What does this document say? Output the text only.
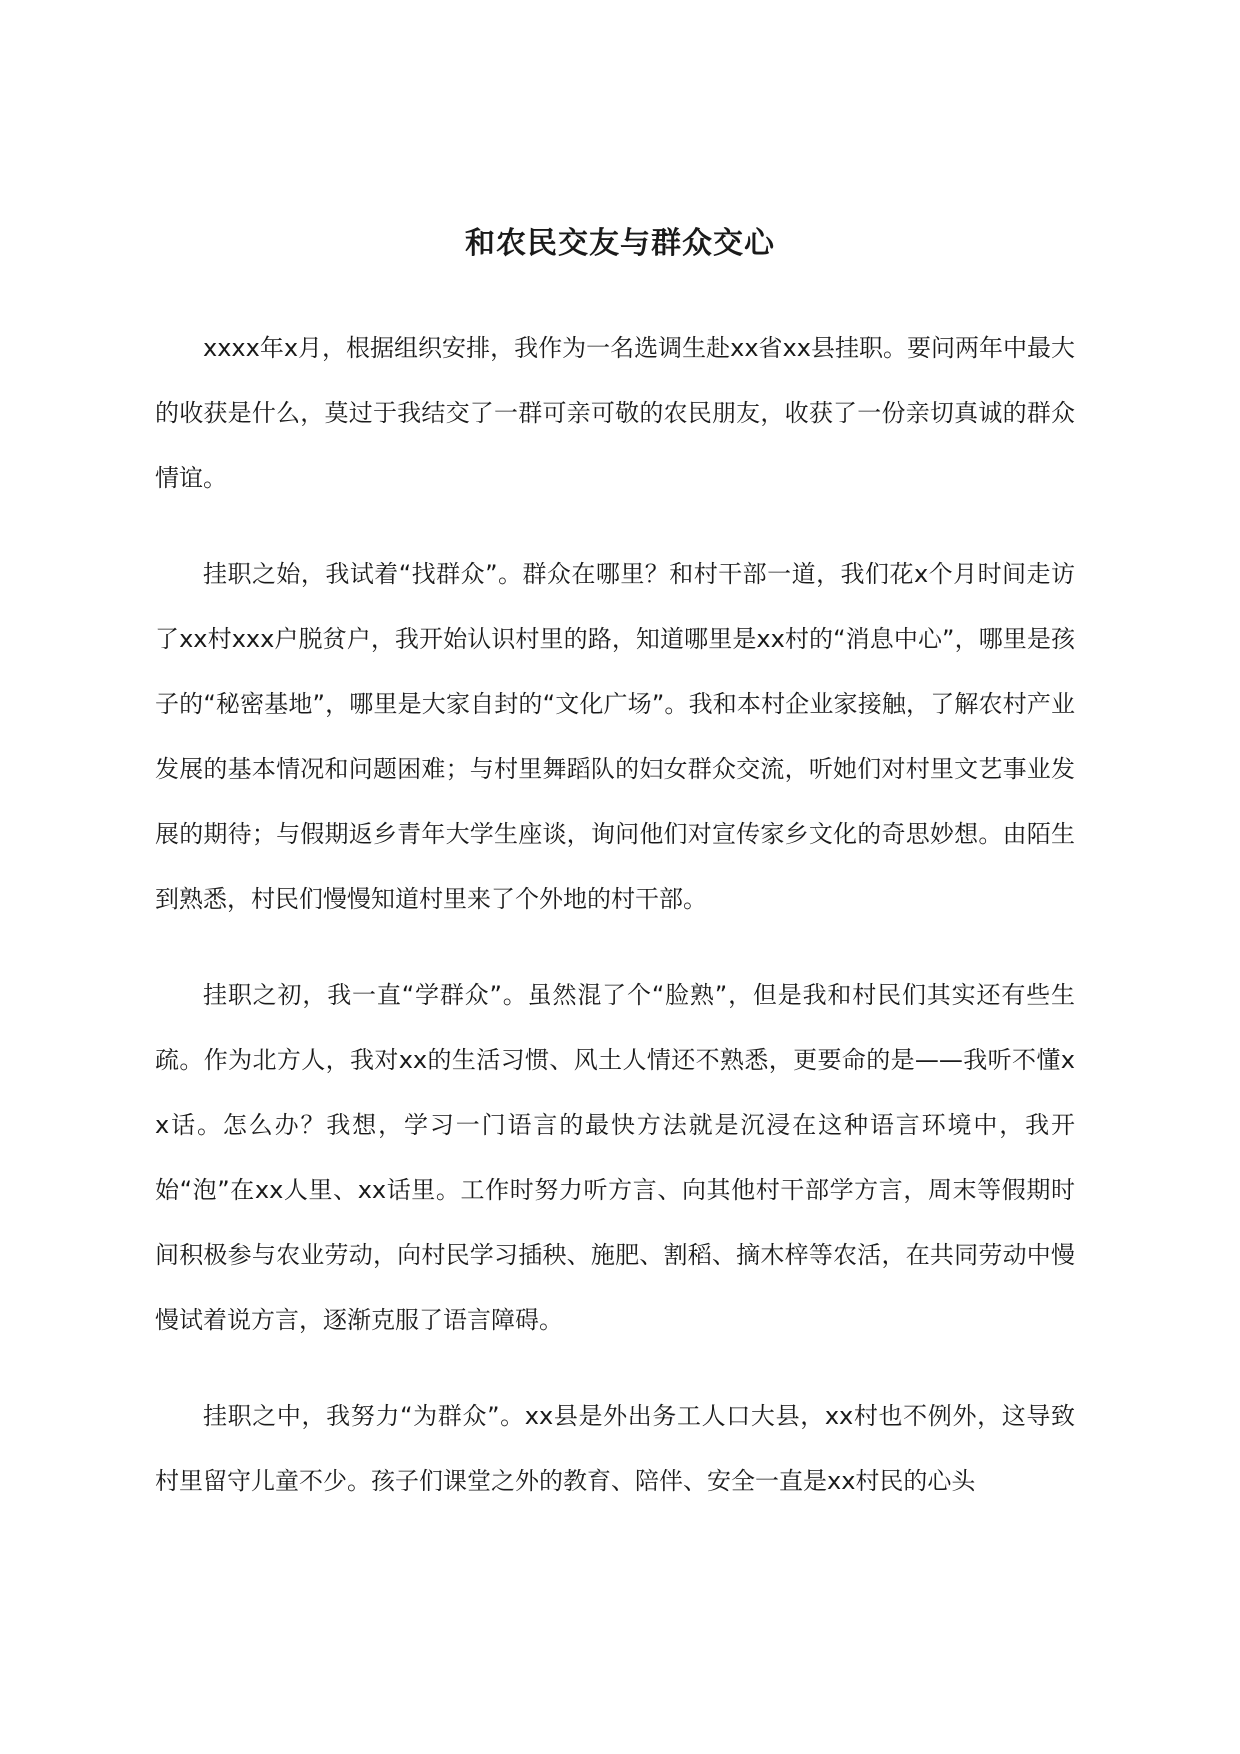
和农民交友与群众交心

xxxx年x月，根据组织安排，我作为一名选调生赴xx省xx县挂职。要问两年中最大的收获是什么，莫过于我结交了一群可亲可敬的农民朋友，收获了一份亲切真诚的群众情谊。

挂职之始，我试着“找群众”。群众在哪里？和村干部一道，我们花x个月时间走访了xx村xxx户脱贫户，我开始认识村里的路，知道哪里是xx村的“消息中心”，哪里是孩子的“秘密基地”，哪里是大家自封的“文化广场”。我和本村企业家接触，了解农村产业发展的基本情况和问题困难；与村里舞蹈队的妇女群众交流，听她们对村里文艺事业发展的期待；与假期返乡青年大学生座谈，询问他们对宣传家乡文化的奇思妙想。由陌生到熟悉，村民们慢慢知道村里来了个外地的村干部。

挂职之初，我一直“学群众”。虽然混了个“脸熟”，但是我和村民们其实还有些生疏。作为北方人，我对xx的生活习惯、风土人情还不熟悉，更要命的是——我听不懂xx话。怎么办？我想，学习一门语言的最快方法就是沉浸在这种语言环境中，我开始“泡”在xx人里、xx话里。工作时努力听方言、向其他村干部学方言，周末等假期时间积极参与农业劳动，向村民学习插秧、施肥、割稻、摘木梓等农活，在共同劳动中慢慢试着说方言，逐渐克服了语言障碍。

挂职之中，我努力“为群众”。xx县是外出务工人口大县，xx村也不例外，这导致村里留守儿童不少。孩子们课堂之外的教育、陪伴、安全一直是xx村民的心头
